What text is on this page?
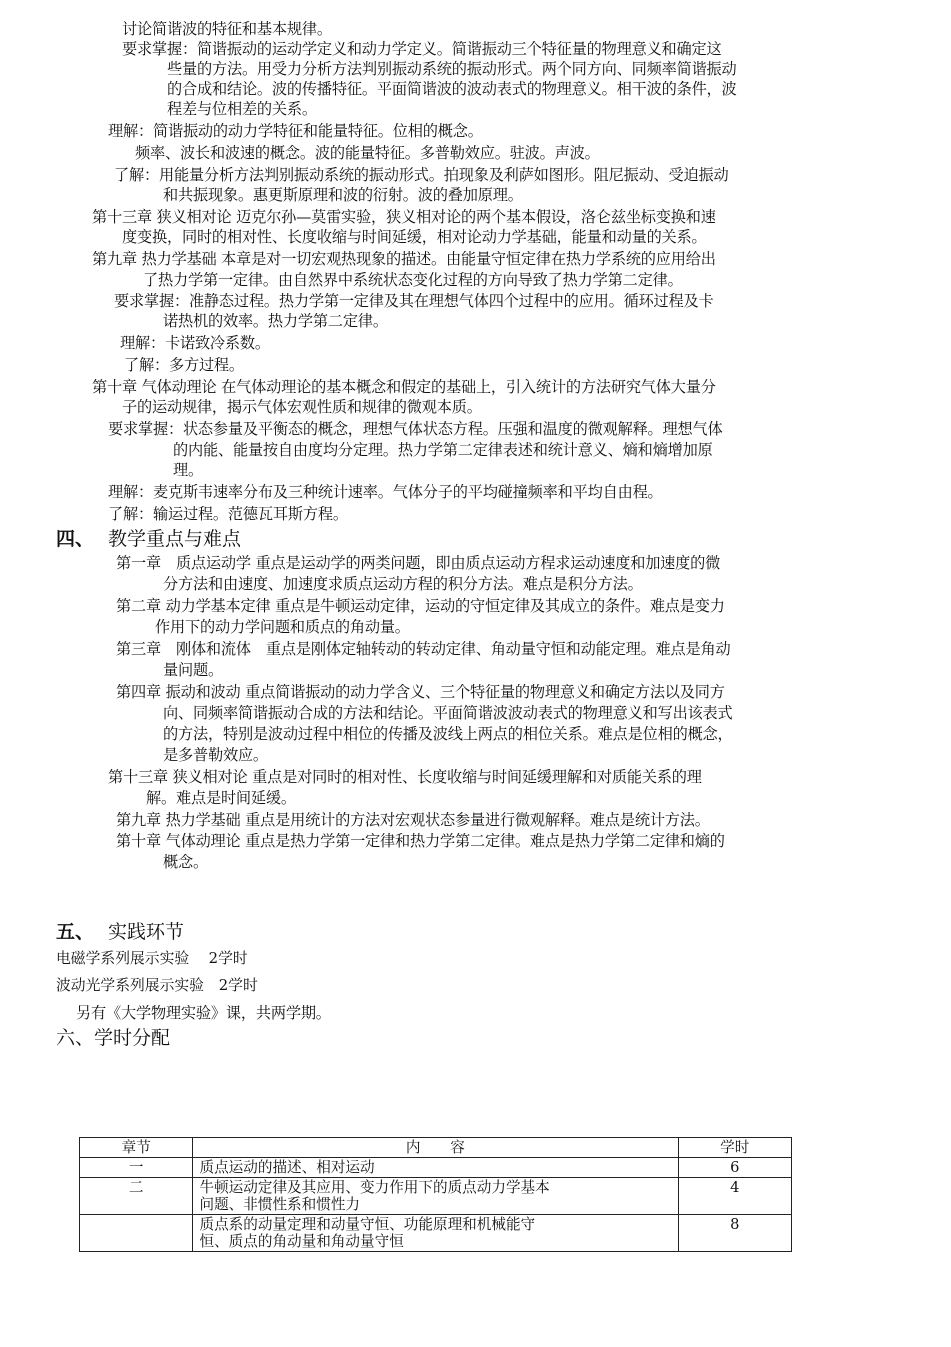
讨论简谐波的特征和基本规律。
要求掌握：简谐振动的运动学定义和动力学定义。简谐振动三个特征量的物理意义和确定这
些量的方法。用受力分析方法判别振动系统的振动形式。两个同方向、同频率简谐振动
的合成和结论。波的传播特征。平面简谐波的波动表式的物理意义。相干波的条件，波
程差与位相差的关系。
理解：简谐振动的动力学特征和能量特征。位相的概念。
频率、波长和波速的概念。波的能量特征。多普勒效应。驻波。声波。
了解：用能量分析方法判别振动系统的振动形式。拍现象及利萨如图形。阻尼振动、受迫振动
和共振现象。惠更斯原理和波的衍射。波的叠加原理。
第十三章 狭义相对论 迈克尔孙—莫雷实验，狭义相对论的两个基本假设，洛仑兹坐标变换和速
度变换，同时的相对性、长度收缩与时间延缓，相对论动力学基础，能量和动量的关系。
第九章 热力学基础 本章是对一切宏观热现象的描述。由能量守恒定律在热力学系统的应用给出
了热力学第一定律。由自然界中系统状态变化过程的方向导致了热力学第二定律。
要求掌握：准静态过程。热力学第一定律及其在理想气体四个过程中的应用。循环过程及卡
诺热机的效率。热力学第二定律。
理解：卡诺致冷系数。
了解：多方过程。
第十章 气体动理论 在气体动理论的基本概念和假定的基础上，引入统计的方法研究气体大量分
子的运动规律，揭示气体宏观性质和规律的微观本质。
要求掌握：状态参量及平衡态的概念，理想气体状态方程。压强和温度的微观解释。理想气体
的内能、能量按自由度均分定理。热力学第二定律表述和统计意义、熵和熵增加原
理。
理解：麦克斯韦速率分布及三种统计速率。气体分子的平均碰撞频率和平均自由程。
了解：输运过程。范德瓦耳斯方程。
四、 教学重点与难点
第一章　质点运动学 重点是运动学的两类问题，即由质点运动方程求运动速度和加速度的微
分方法和由速度、加速度求质点运动方程的积分方法。难点是积分方法。
第二章 动力学基本定律 重点是牛顿运动定律，运动的守恒定律及其成立的条件。难点是变力
作用下的动力学问题和质点的角动量。
第三章　刚体和流体　重点是刚体定轴转动的转动定律、角动量守恒和动能定理。难点是角动
量问题。
第四章 振动和波动 重点简谐振动的动力学含义、三个特征量的物理意义和确定方法以及同方
向、同频率简谐振动合成的方法和结论。平面简谐波波动表式的物理意义和写出该表式
的方法，特别是波动过程中相位的传播及波线上两点的相位关系。难点是位相的概念，
是多普勒效应。
第十三章 狭义相对论 重点是对同时的相对性、长度收缩与时间延缓理解和对质能关系的理
解。难点是时间延缓。
第九章 热力学基础 重点是用统计的方法对宏观状态参量进行微观解释。难点是统计方法。
第十章 气体动理论 重点是热力学第一定律和热力学第二定律。难点是热力学第二定律和熵的
概念。
五、 实践环节
电磁学系列展示实验　 2学时
波动光学系列展示实验　2学时
另有《大学物理实验》课，共两学期。
六、学时分配
章节	内　　容	学时
一	质点运动的描述、相对运动	6
二	牛顿运动定律及其应用、变力作用下的质点动力学基本
问题、非惯性系和惯性力	4

	质点系的动量定理和动量守恒、功能原理和机械能守
恒、质点的角动量和角动量守恒	8
